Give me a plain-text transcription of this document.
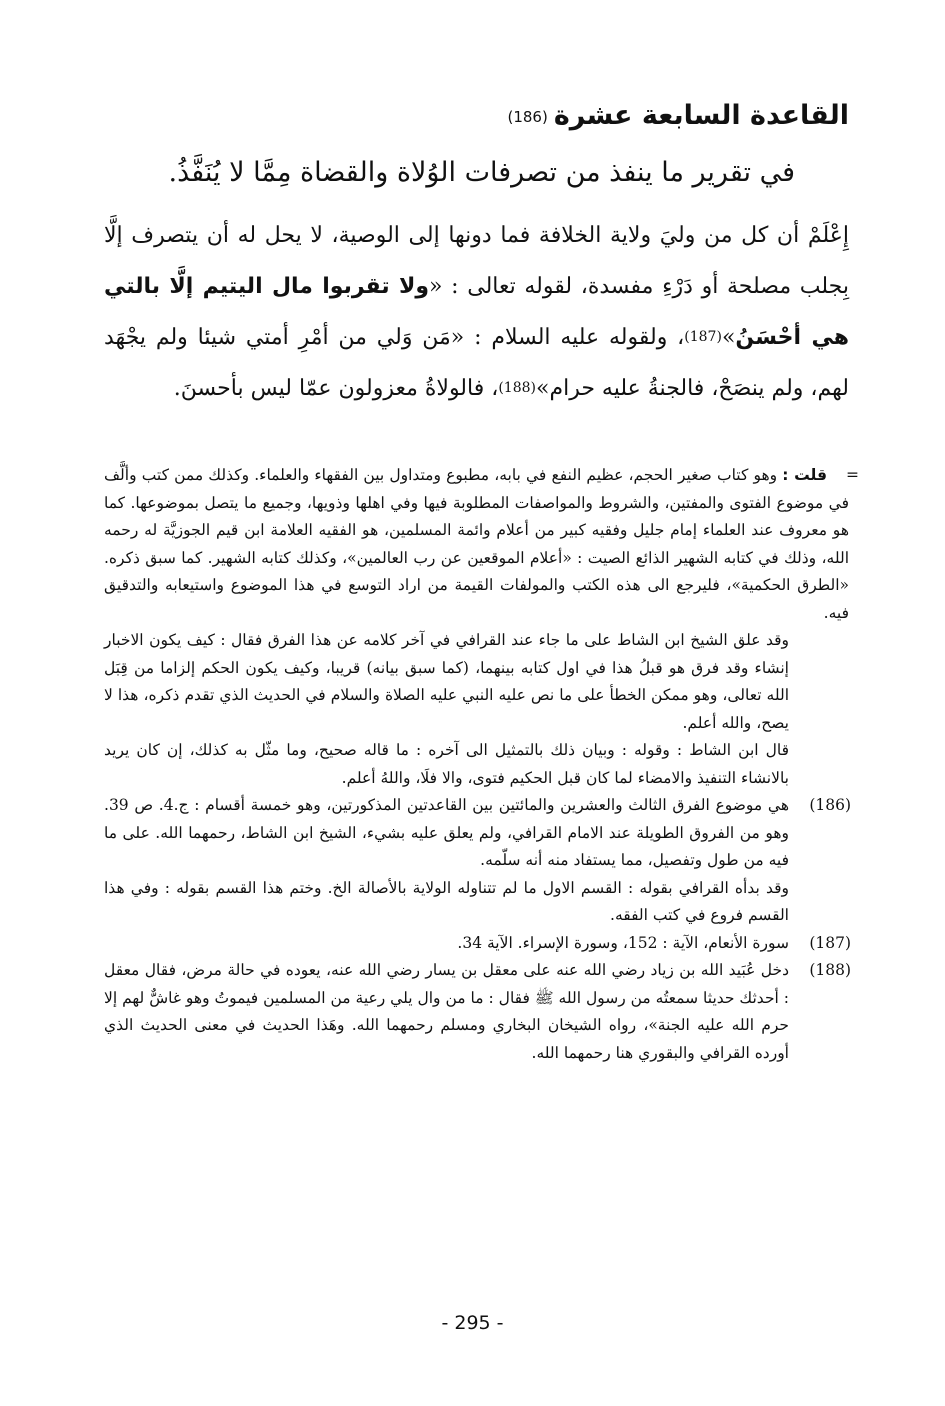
القاعدة السابعة عشرة(186)
في تقرير ما ينفذ من تصرفات الوُلاة والقضاة مِمَّا لا يُنَفَّذُ.

إِعْلَمْ أن كل من وليَ ولاية الخلافة فما دونها إلى الوصية، لا يحل له أن يتصرف إلَّا بِجلب مصلحة أو دَرْءِ مفسدة، لقوله تعالى : «ولا تقربوا مال اليتيم إلَّا بالتي هي أحْسَنُ»(187)، ولقوله عليه السلام : «مَن وَلي من أمْرِ أمتي شيئا ولم يجْهَد لهم، ولم ينصَحْ، فالجنةُ عليه حرام»(188)، فالولاةُ معزولون عمّا ليس بأحسنَ.

=
قلت : وهو كتاب صغير الحجم، عظيم النفع في بابه، مطبوع ومتداول بين الفقهاء والعلماء. وكذلك ممن كتب وألَّف في موضوع الفتوى والمفتين، والشروط والمواصفات المطلوبة فيها وفي اهلها وذويها، وجميع ما يتصل بموضوعها. كما هو معروف عند العلماء إمام جليل وفقيه كبير من أعلام وائمة المسلمين، هو الفقيه العلامة ابن قيم الجوزيَّة له رحمه الله، وذلك في كتابه الشهير الذائع الصيت : «أعلام الموقعين عن رب العالمين»، وكذلك كتابه الشهير. كما سبق ذكره. «الطرق الحكمية»، فليرجع الى هذه الكتب والمولفات القيمة من اراد التوسع في هذا الموضوع واستيعابه والتدقيق فيه.

وقد علق الشيخ ابن الشاط على ما جاء عند القرافي في آخر كلامه عن هذا الفرق فقال : كيف يكون الاخبار إنشاء وقد فرق هو قبلُ هذا في اول كتابه بينهما، (كما سبق بيانه) قريبا، وكيف يكون الحكم إلزاما من قِبَل الله تعالى، وهو ممكن الخطأ على ما نص عليه النبي عليه الصلاة والسلام في الحديث الذي تقدم ذكره، هذا لا يصح، والله أعلم.

قال ابن الشاط : وقوله : وبيان ذلك بالتمثيل الى آخره : ما قاله صحيح، وما مثّل به كذلك، إن كان يريد بالانشاء التنفيذ والامضاء لما كان قبل الحكيم فتوى، والا فلَا، واللهُ أعلم.

(186)

هي موضوع الفرق الثالث والعشرين والمائتين بين القاعدتين المذكورتين، وهو خمسة أقسام : ج.4. ص 39. وهو من الفروق الطويلة عند الامام القرافي، ولم يعلق عليه بشيء، الشيخ ابن الشاط، رحمهما الله. على ما فيه من طول وتفصيل، مما يستفاد منه أنه سلّمه.

وقد بدأه القرافي بقوله : القسم الاول ما لم تتناوله الولاية بالأصالة الخ. وختم هذا القسم بقوله : وفي هذا القسم فروع في كتب الفقه.

(187)

سورة الأنعام، الآية : 152، وسورة الإسراء. الآية 34.

(188)

دخل عُبَيد الله بن زياد رضي الله عنه على معقل بن يسار رضي الله عنه، يعوده في حالة مرض، فقال معقل : أحدثك حديثا سمعتُه من رسول الله ﷺ فقال : ما من وال يلي رعية من المسلمين فيموتُ وهو غاشٌّ لهم إلا حرم الله عليه الجنة»، رواه الشيخان البخاري ومسلم رحمهما الله. وهَذا الحديث في معنى الحديث الذي أورده القرافي والبقوري هنا رحمهما الله.

- 295 -
